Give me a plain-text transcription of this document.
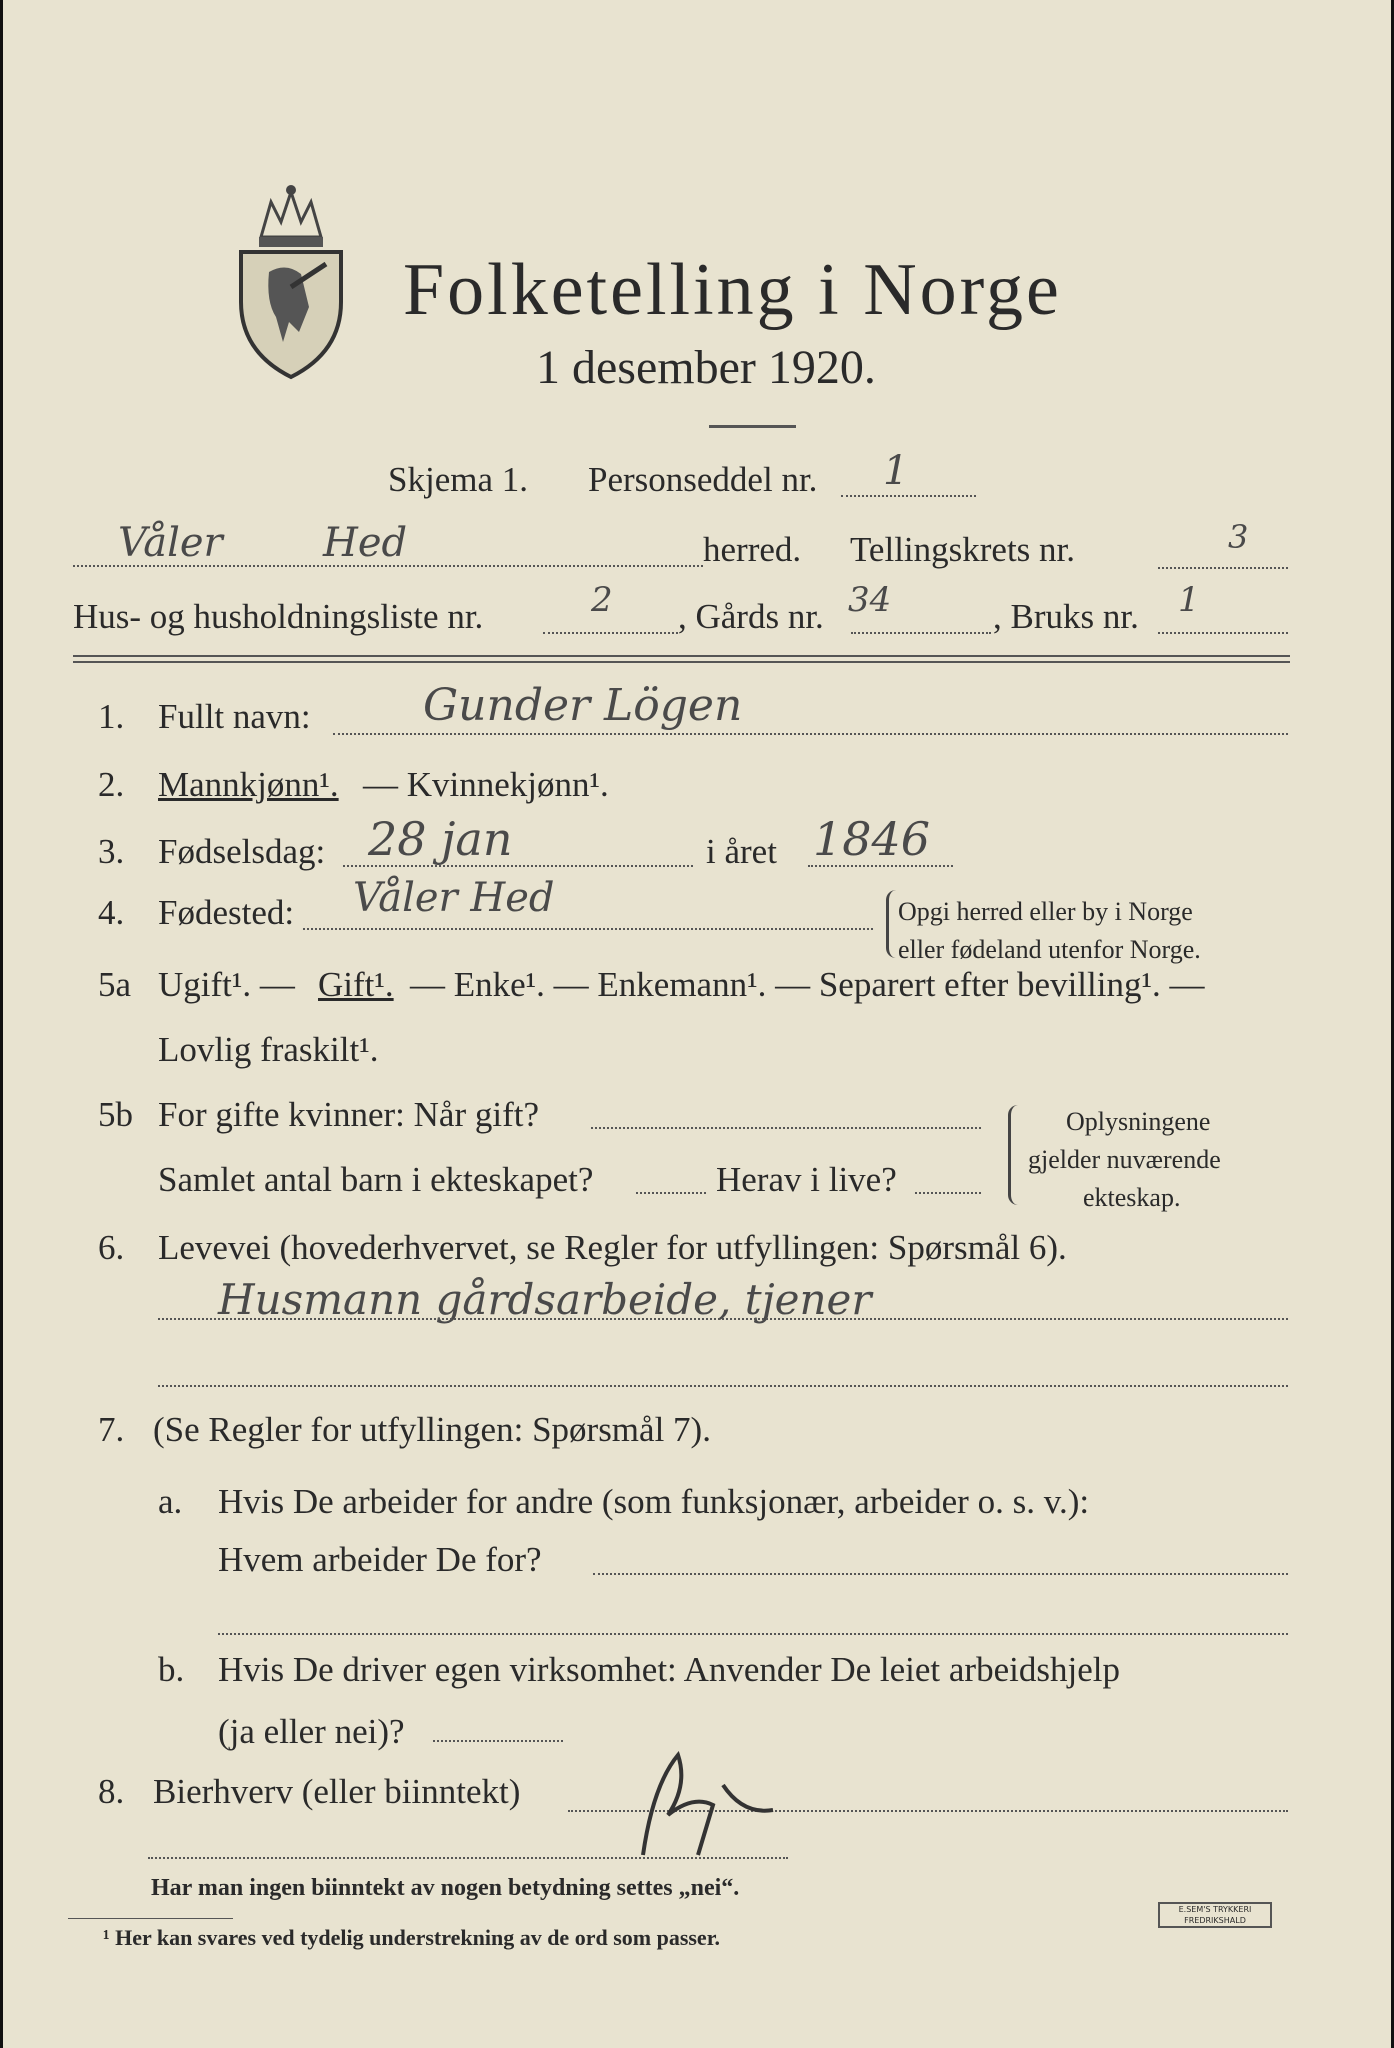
Folketelling i Norge
1 desember 1920.
Skjema 1. Personseddel nr. 1
Våler	Hed	herred. Tellingskrets nr.	3
Hus- og husholdningsliste nr.	2 , Gårds nr. 34	, Bruks nr. 1
1. Fullt navn:	Gunder Lögen
2. Mannkjønn¹. — Kvinnekjønn¹.
3. Fødselsdag: 28 jan	i året 1846
4. Fødested: Våler Hed	Opgi herred eller by i Norge
eller fødeland utenfor Norge.
5a Ugift¹. — Gift¹. — Enke¹. — Enkemann¹. — Separert efter bevilling¹. —
Lovlig fraskilt¹.
5b For gifte kvinner: Når gift?
Samlet antal barn i ekteskapet?	Herav i live?
Oplysningene
gjelder nuværende
ekteskap.
6. Levevei (hovederhvervet, se Regler for utfyllingen: Spørsmål 6).
Husmann gårdsarbeide, tjener
7. (Se Regler for utfyllingen: Spørsmål 7).
a. Hvis De arbeider for andre (som funksjonær, arbeider o. s. v.):
Hvem arbeider De for?
b. Hvis De driver egen virksomhet: Anvender De leiet arbeidshjelp
(ja eller nei)?
8. Bierhverv (eller biinntekt)
Har man ingen biinntekt av nogen betydning settes „nei“.
¹ Her kan svares ved tydelig understrekning av de ord som passer.
E.SEM'S TRYKKERI FREDRIKSHALD
